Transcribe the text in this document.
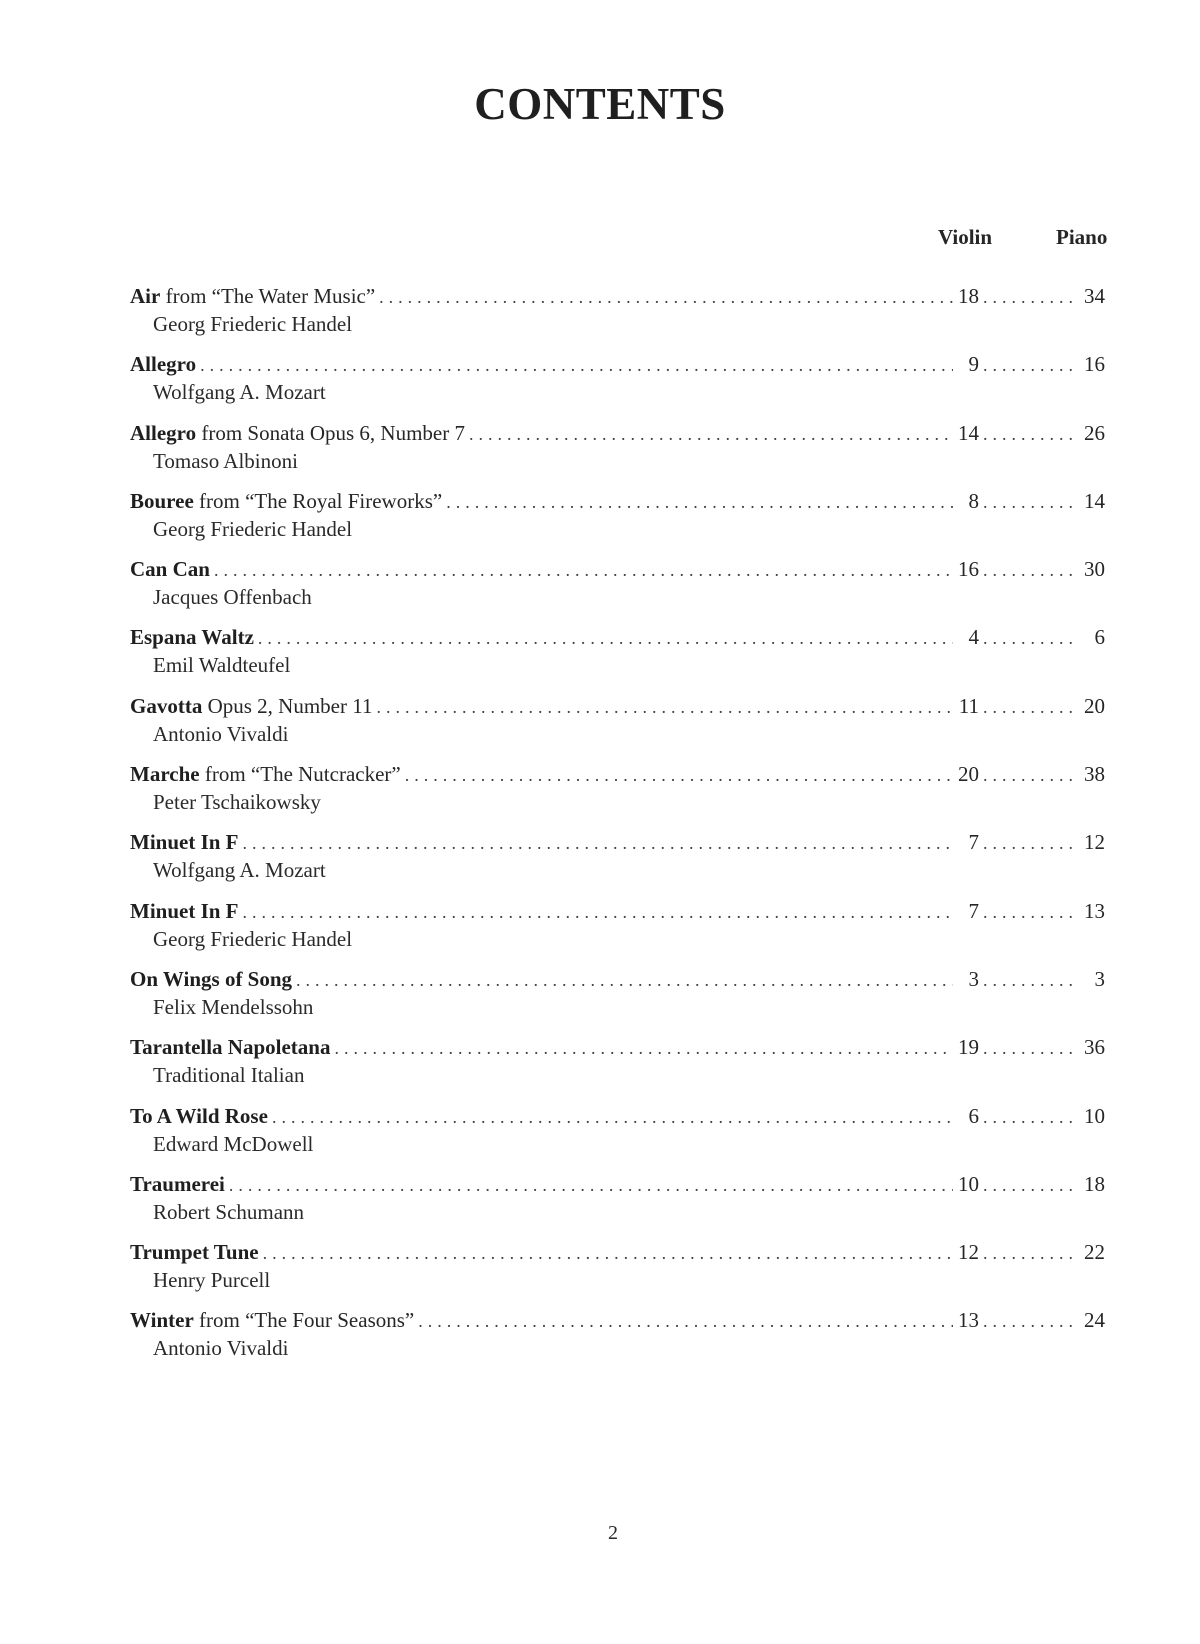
CONTENTS
Violin	Piano
Air from “The Water Music” . . .	18 . . .	34
Georg Friederic Handel
Allegro . . .	9 . . .	16
Wolfgang A. Mozart
Allegro from Sonata Opus 6, Number 7 . . .	14 . . .	26
Tomaso Albinoni
Bouree from “The Royal Fireworks” . . .	8 . . .	14
Georg Friederic Handel
Can Can . . .	16 . . .	30
Jacques Offenbach
Espana Waltz . . .	4 . . .	6
Emil Waldteufel
Gavotta Opus 2, Number 11 . . .	11 . . .	20
Antonio Vivaldi
Marche from “The Nutcracker” . . .	20 . . .	38
Peter Tschaikowsky
Minuet In F . . .	7 . . .	12
Wolfgang A. Mozart
Minuet In F . . .	7 . . .	13
Georg Friederic Handel
On Wings of Song . . .	3 . . .	3
Felix Mendelssohn
Tarantella Napoletana . . .	19 . . .	36
Traditional Italian
To A Wild Rose . . .	6 . . .	10
Edward McDowell
Traumerei . . .	10 . . .	18
Robert Schumann
Trumpet Tune . . .	12 . . .	22
Henry Purcell
Winter from “The Four Seasons” . . .	13 . . .	24
Antonio Vivaldi
2
